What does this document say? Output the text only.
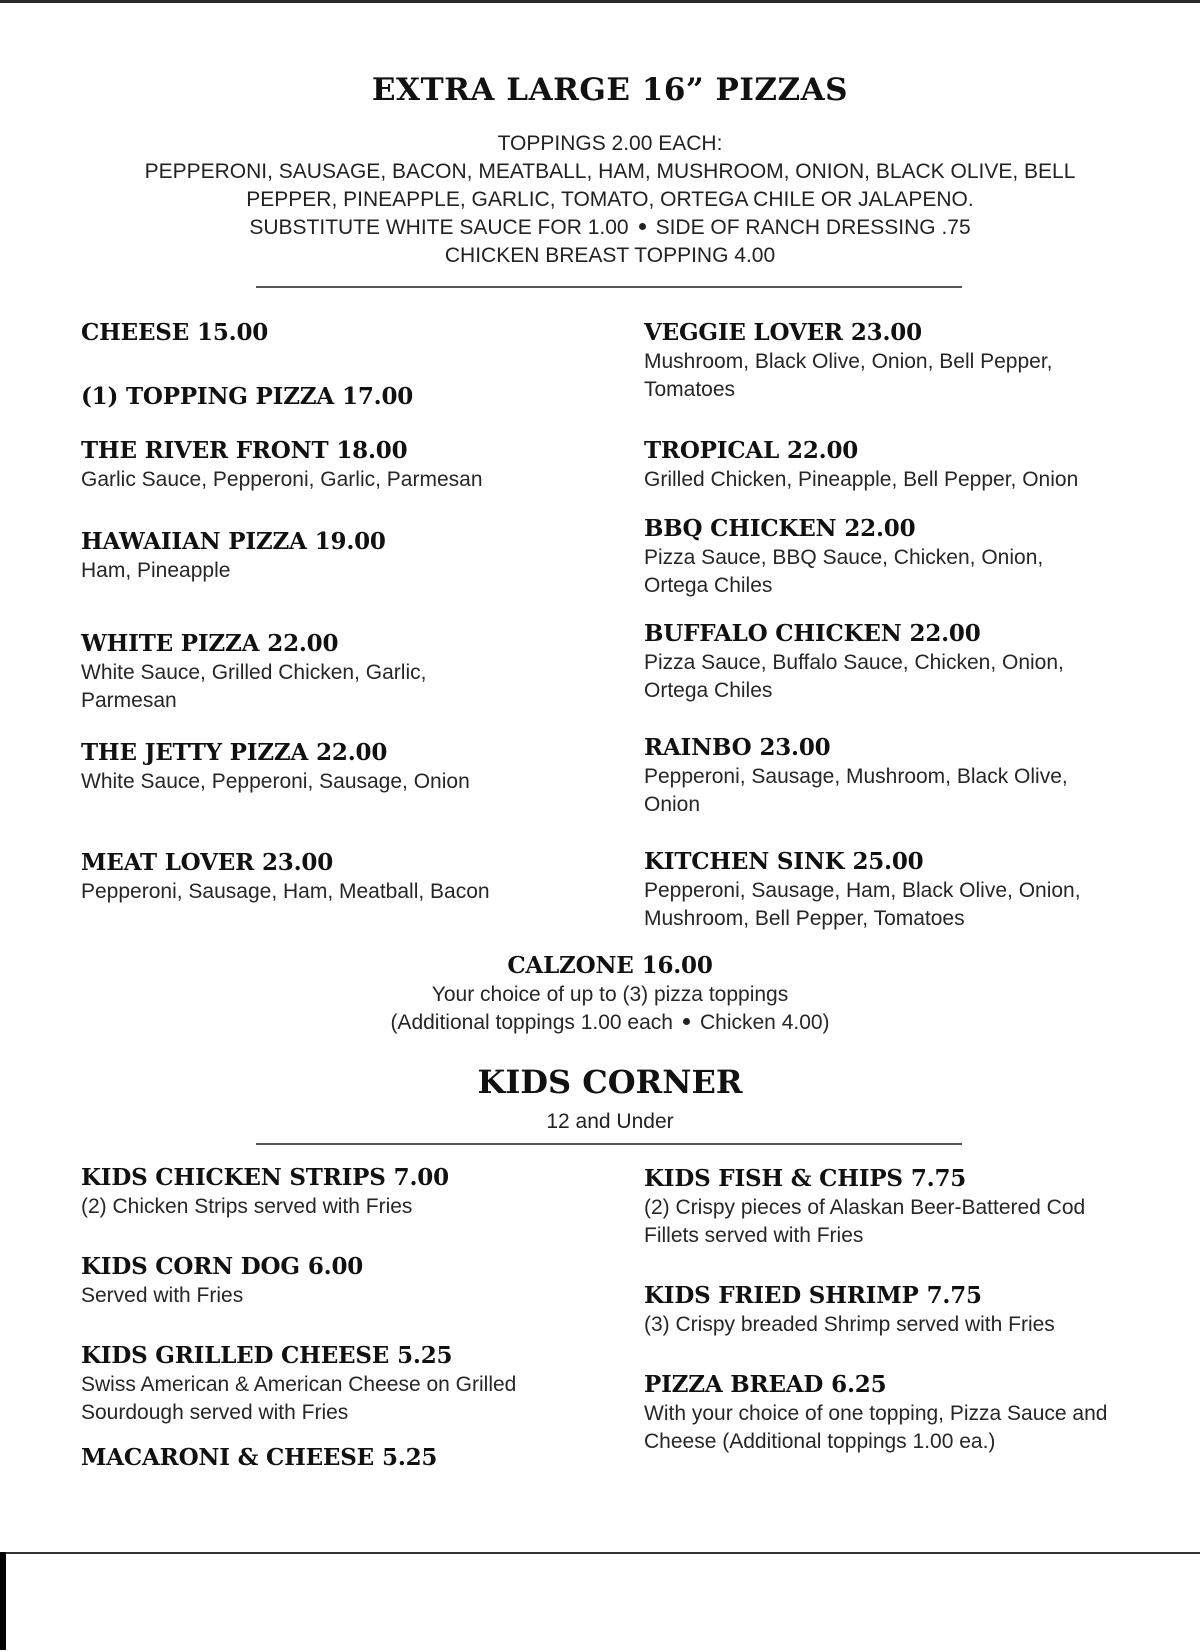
EXTRA LARGE 16” PIZZAS
TOPPINGS 2.00 EACH:
PEPPERONI, SAUSAGE, BACON, MEATBALL, HAM, MUSHROOM, ONION, BLACK OLIVE, BELL
PEPPER, PINEAPPLE, GARLIC, TOMATO, ORTEGA CHILE OR JALAPENO.
SUBSTITUTE WHITE SAUCE FOR 1.00 SIDE OF RANCH DRESSING .75
CHICKEN BREAST TOPPING 4.00
CHEESE 15.00
(1) TOPPING PIZZA 17.00
THE RIVER FRONT 18.00
Garlic Sauce, Pepperoni, Garlic, Parmesan
HAWAIIAN PIZZA 19.00
Ham, Pineapple
WHITE PIZZA 22.00
White Sauce, Grilled Chicken, Garlic, Parmesan
THE JETTY PIZZA 22.00
White Sauce, Pepperoni, Sausage, Onion
MEAT LOVER 23.00
Pepperoni, Sausage, Ham, Meatball, Bacon
VEGGIE LOVER 23.00
Mushroom, Black Olive, Onion, Bell Pepper, Tomatoes
TROPICAL 22.00
Grilled Chicken, Pineapple, Bell Pepper, Onion
BBQ CHICKEN 22.00
Pizza Sauce, BBQ Sauce, Chicken, Onion, Ortega Chiles
BUFFALO CHICKEN 22.00
Pizza Sauce, Buffalo Sauce, Chicken, Onion, Ortega Chiles
RAINBO 23.00
Pepperoni, Sausage, Mushroom, Black Olive, Onion
KITCHEN SINK 25.00
Pepperoni, Sausage, Ham, Black Olive, Onion, Mushroom, Bell Pepper, Tomatoes
CALZONE 16.00
Your choice of up to (3) pizza toppings
(Additional toppings 1.00 each Chicken 4.00)
KIDS CORNER
12 and Under
KIDS CHICKEN STRIPS 7.00
(2) Chicken Strips served with Fries
KIDS CORN DOG 6.00
Served with Fries
KIDS GRILLED CHEESE 5.25
Swiss American & American Cheese on Grilled Sourdough served with Fries
MACARONI & CHEESE 5.25
KIDS FISH & CHIPS 7.75
(2) Crispy pieces of Alaskan Beer-Battered Cod Fillets served with Fries
KIDS FRIED SHRIMP 7.75
(3) Crispy breaded Shrimp served with Fries
PIZZA BREAD 6.25
With your choice of one topping, Pizza Sauce and Cheese (Additional toppings 1.00 ea.)
